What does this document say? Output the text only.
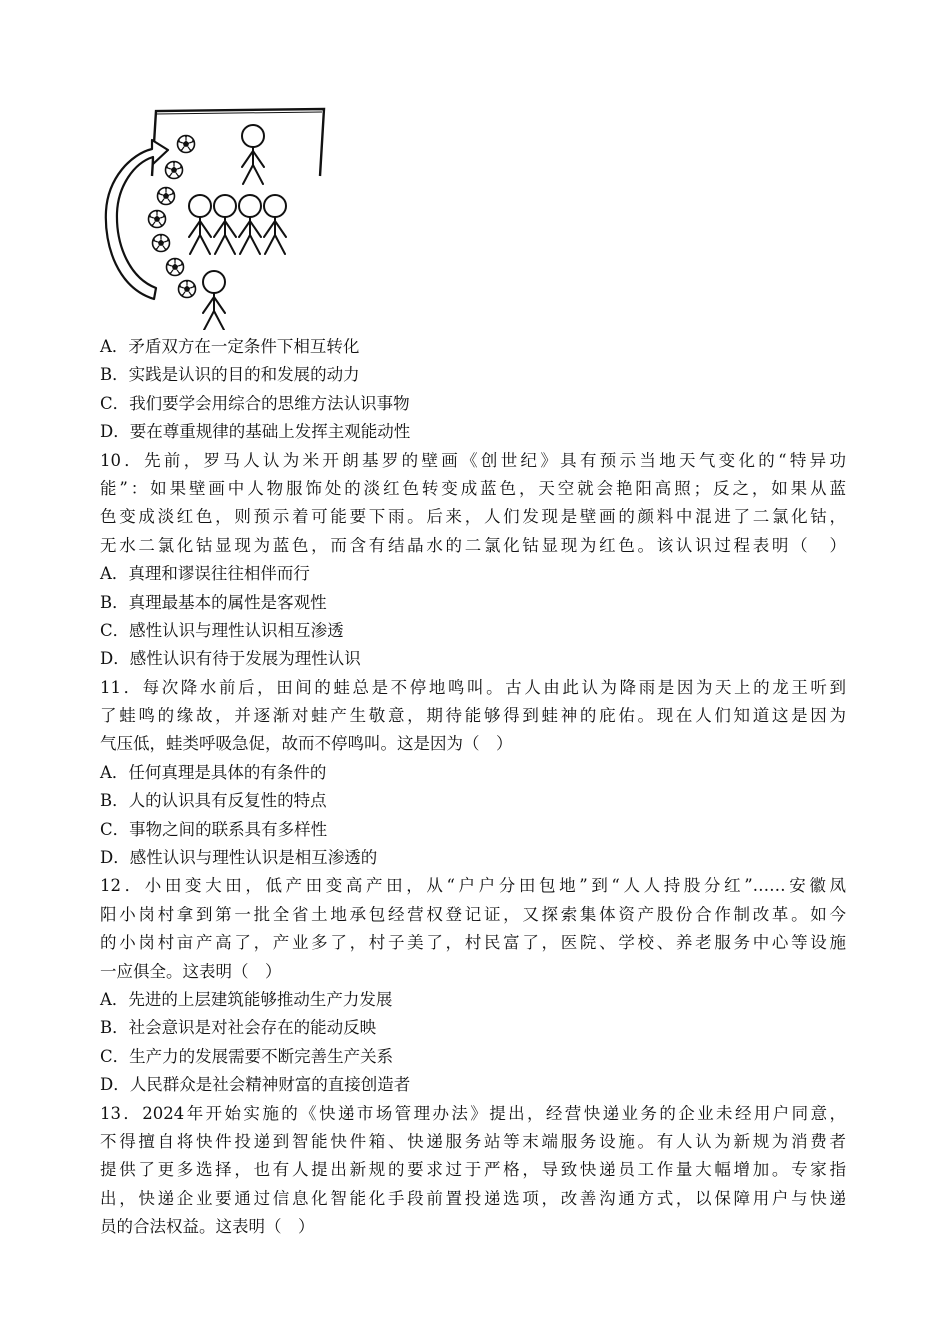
A．矛盾双方在一定条件下相互转化
B．实践是认识的目的和发展的动力
C．我们要学会用综合的思维方法认识事物
D．要在尊重规律的基础上发挥主观能动性
10．先前，罗马人认为米开朗基罗的壁画《创世纪》具有预示当地天气变化的“特异功
能”：如果壁画中人物服饰处的淡红色转变成蓝色，天空就会艳阳高照；反之，如果从蓝
色变成淡红色，则预示着可能要下雨。后来，人们发现是壁画的颜料中混进了二氯化钴，
无水二氯化钴显现为蓝色，而含有结晶水的二氯化钴显现为红色。该认识过程表明（　）
A．真理和谬误往往相伴而行
B．真理最基本的属性是客观性
C．感性认识与理性认识相互渗透
D．感性认识有待于发展为理性认识
11．每次降水前后，田间的蛙总是不停地鸣叫。古人由此认为降雨是因为天上的龙王听到
了蛙鸣的缘故，并逐渐对蛙产生敬意，期待能够得到蛙神的庇佑。现在人们知道这是因为
气压低，蛙类呼吸急促，故而不停鸣叫。这是因为（　）
A．任何真理是具体的有条件的
B．人的认识具有反复性的特点
C．事物之间的联系具有多样性
D．感性认识与理性认识是相互渗透的
12．小田变大田，低产田变高产田，从“户户分田包地”到“人人持股分红”……安徽凤
阳小岗村拿到第一批全省土地承包经营权登记证，又探索集体资产股份合作制改革。如今
的小岗村亩产高了，产业多了，村子美了，村民富了，医院、学校、养老服务中心等设施
一应俱全。这表明（　）
A．先进的上层建筑能够推动生产力发展
B．社会意识是对社会存在的能动反映
C．生产力的发展需要不断完善生产关系
D．人民群众是社会精神财富的直接创造者
13．2024年开始实施的《快递市场管理办法》提出，经营快递业务的企业未经用户同意，
不得擅自将快件投递到智能快件箱、快递服务站等末端服务设施。有人认为新规为消费者
提供了更多选择，也有人提出新规的要求过于严格，导致快递员工作量大幅增加。专家指
出，快递企业要通过信息化智能化手段前置投递选项，改善沟通方式，以保障用户与快递
员的合法权益。这表明（　）
